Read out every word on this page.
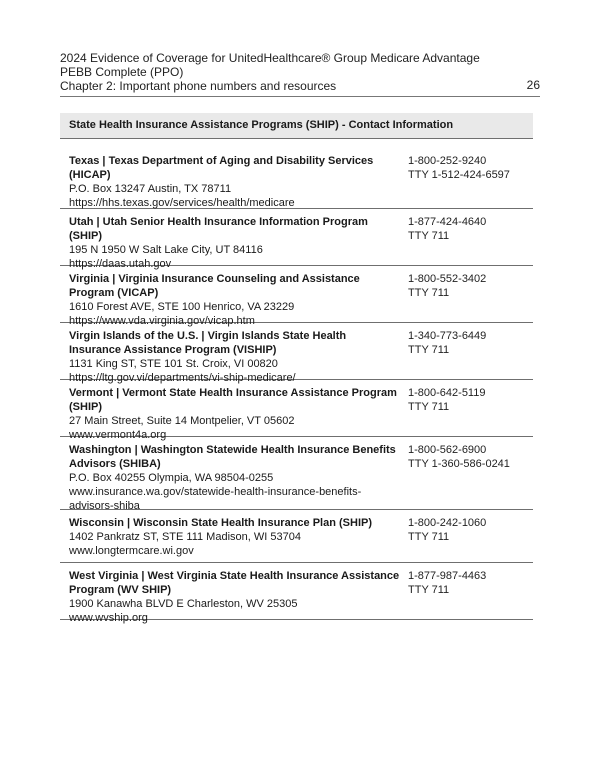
2024 Evidence of Coverage for UnitedHealthcare® Group Medicare Advantage PEBB Complete (PPO)
Chapter 2: Important phone numbers and resources	26
State Health Insurance Assistance Programs (SHIP) - Contact Information
Texas | Texas Department of Aging and Disability Services (HICAP)
P.O. Box 13247 Austin, TX 78711
https://hhs.texas.gov/services/health/medicare
1-800-252-9240
TTY 1-512-424-6597
Utah | Utah Senior Health Insurance Information Program (SHIP)
195 N 1950 W Salt Lake City, UT 84116
https://daas.utah.gov
1-877-424-4640
TTY 711
Virginia | Virginia Insurance Counseling and Assistance Program (VICAP)
1610 Forest AVE, STE 100 Henrico, VA 23229
https://www.vda.virginia.gov/vicap.htm
1-800-552-3402
TTY 711
Virgin Islands of the U.S. | Virgin Islands State Health Insurance Assistance Program (VISHIP)
1131 King ST, STE 101 St. Croix, VI 00820
https://ltg.gov.vi/departments/vi-ship-medicare/
1-340-773-6449
TTY 711
Vermont | Vermont State Health Insurance Assistance Program (SHIP)
27 Main Street, Suite 14 Montpelier, VT 05602
www.vermont4a.org
1-800-642-5119
TTY 711
Washington | Washington Statewide Health Insurance Benefits Advisors (SHIBA)
P.O. Box 40255 Olympia, WA 98504-0255
www.insurance.wa.gov/statewide-health-insurance-benefits-advisors-shiba
1-800-562-6900
TTY 1-360-586-0241
Wisconsin | Wisconsin State Health Insurance Plan (SHIP)
1402 Pankratz ST, STE 111 Madison, WI 53704
www.longtermcare.wi.gov
1-800-242-1060
TTY 711
West Virginia | West Virginia State Health Insurance Assistance Program (WV SHIP)
1900 Kanawha BLVD E Charleston, WV 25305
www.wvship.org
1-877-987-4463
TTY 711
